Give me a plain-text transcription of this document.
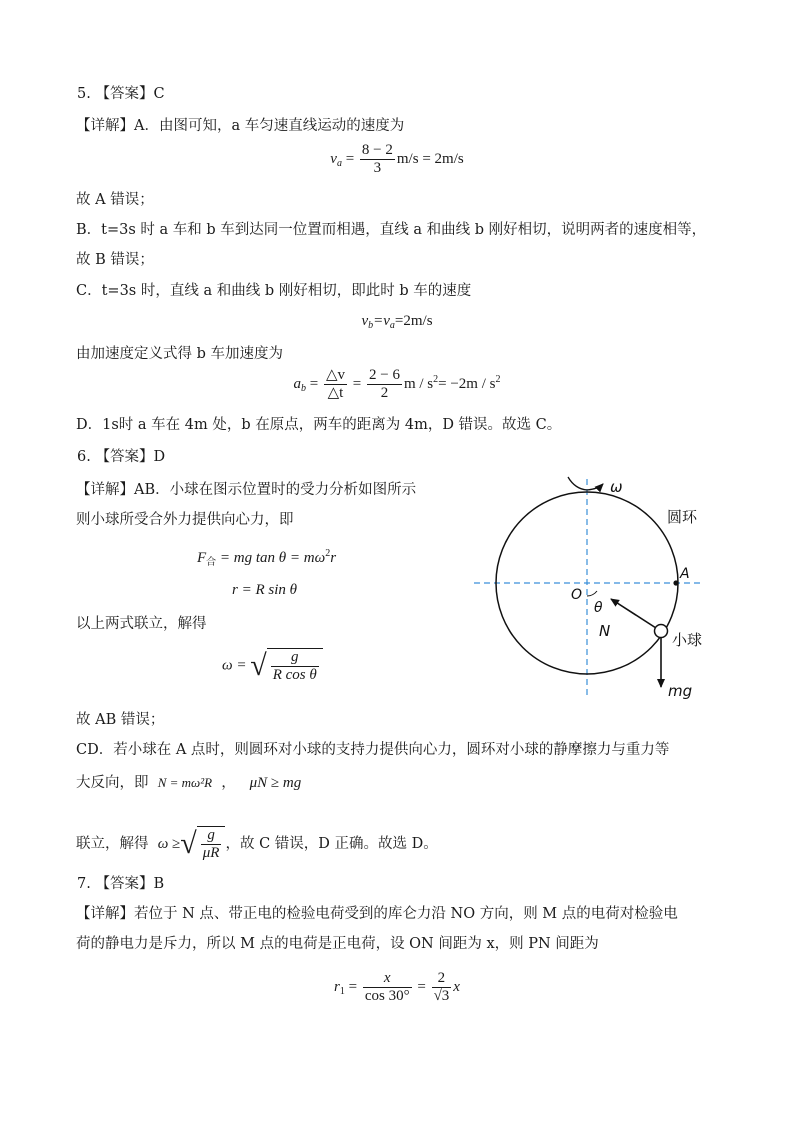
5. 【答案】C
【详解】A．由图可知，a 车匀速直线运动的速度为
$v_a = \frac{8 - 2}{3} m/s = 2m/s$
故 A 错误；
B．t=3s 时 a 车和 b 车到达同一位置而相遇，直线 a 和曲线 b 刚好相切，说明两者的速度相等，
故 B 错误；
C．t=3s 时，直线 a 和曲线 b 刚好相切，即此时 b 车的速度
$v_b=v_a=2m/s$
由加速度定义式得 b 车加速度为
$a_b = \frac{\triangle v}{\triangle t} = \frac{2 - 6}{2}$ $m / s^2= -2m / s^2$
D．1s时 a 车在 4m 处，b 在原点，两车的距离为 4m，D 错误。故选 C。
6. 【答案】D
【详解】AB．小球在图示位置时的受力分析如图所示
则小球所受合外力提供向心力，即
$F_合$ = mg $\tan \theta = m\omega^2r$
r = R sin θ
以上两式联立，解得
ω = √ $\frac{g}{\text{R cos θ}}$
故 AB 错误；
CD．若小球在 A 点时，则圆环对小球的支持力提供向心力，圆环对小球的静摩擦力与重力等
大反向，即 N = mω²R ， μN ≥ mg
联立，解得 ω ≥√ $\frac{g}{\mu R}$ ，故 C 错误，D 正确。故选 D。
ω
圆环
A
O
θ
N
mg
小球
7. 【答案】B
【详解】若位于 N 点、带正电的检验电荷受到的库仑力沿 NO 方向，则 M 点的电荷对检验电
荷的静电力是斥力，所以 M 点的电荷是正电荷，设 ON 间距为 x，则 PN 间距为
$r_1 = \frac{x}{\cos 30^\circ} = \frac{2}{√3}$ x
